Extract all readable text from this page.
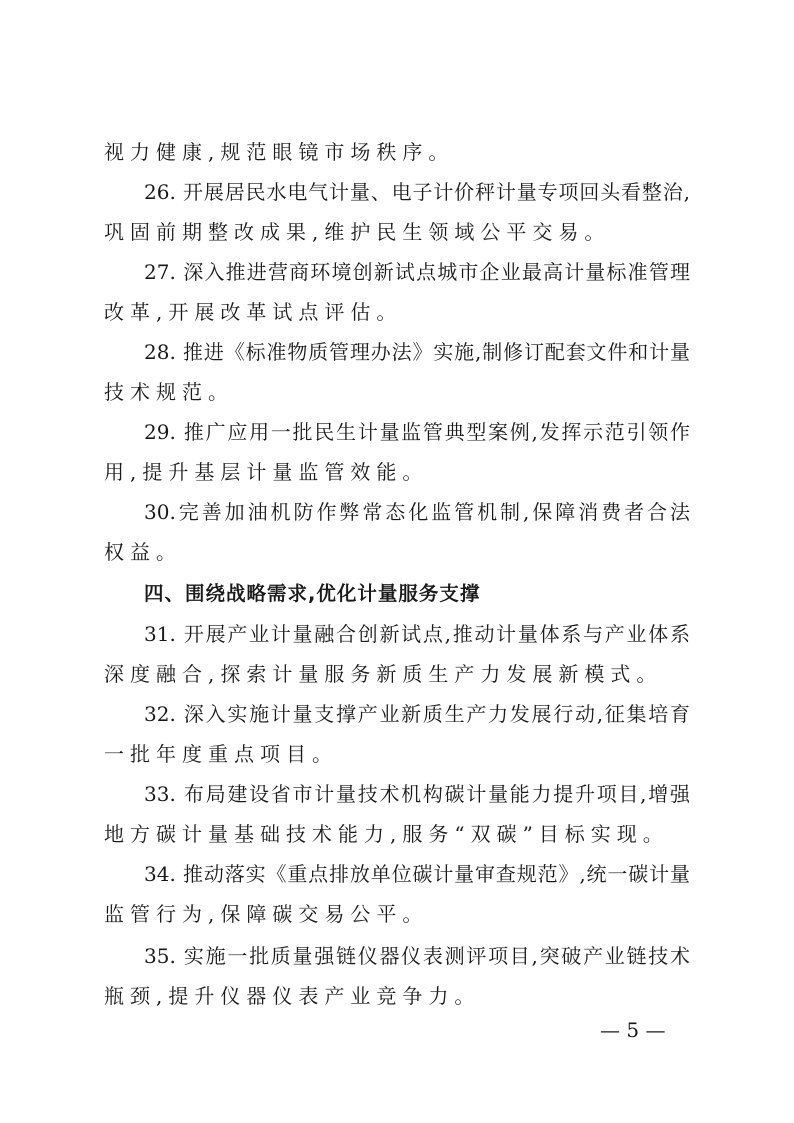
视力健康,规范眼镜市场秩序。
26. 开展居民水电气计量、电子计价秤计量专项回头看整治,
巩固前期整改成果,维护民生领域公平交易。
27. 深入推进营商环境创新试点城市企业最高计量标准管理
改革,开展改革试点评估。
28. 推进《标准物质管理办法》实施,制修订配套文件和计量
技术规范。
29. 推广应用一批民生计量监管典型案例,发挥示范引领作
用,提升基层计量监管效能。
30.完善加油机防作弊常态化监管机制,保障消费者合法
权益。
四、围绕战略需求,优化计量服务支撑
31. 开展产业计量融合创新试点,推动计量体系与产业体系
深度融合,探索计量服务新质生产力发展新模式。
32. 深入实施计量支撑产业新质生产力发展行动,征集培育
一批年度重点项目。
33. 布局建设省市计量技术机构碳计量能力提升项目,增强
地方碳计量基础技术能力,服务“双碳”目标实现。
34. 推动落实《重点排放单位碳计量审查规范》,统一碳计量
监管行为,保障碳交易公平。
35. 实施一批质量强链仪器仪表测评项目,突破产业链技术
瓶颈,提升仪器仪表产业竞争力。
— 5 —
